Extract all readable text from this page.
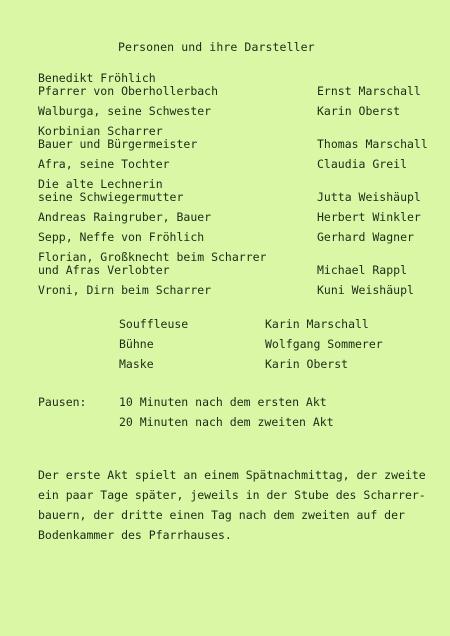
Personen und ihre Darsteller
Benedikt Fröhlich
Pfarrer von Oberhollerbach	Ernst Marschall
Walburga, seine Schwester	Karin Oberst
Korbinian Scharrer
Bauer und Bürgermeister	Thomas Marschall
Afra, seine Tochter	Claudia Greil
Die alte Lechnerin
seine Schwiegermutter	Jutta Weishäupl
Andreas Raingruber, Bauer	Herbert Winkler
Sepp, Neffe von Fröhlich	Gerhard Wagner
Florian, Großknecht beim Scharrer
und Afras Verlobter	Michael Rappl
Vroni, Dirn beim Scharrer	Kuni Weishäupl
Souffleuse	Karin Marschall
Bühne	Wolfgang Sommerer
Maske	Karin Oberst
Pausen:	10 Minuten nach dem ersten Akt
20 Minuten nach dem zweiten Akt
Der erste Akt spielt an einem Spätnachmittag, der zweite
ein paar Tage später, jeweils in der Stube des Scharrer-
bauern, der dritte einen Tag nach dem zweiten auf der
Bodenkammer des Pfarrhauses.
